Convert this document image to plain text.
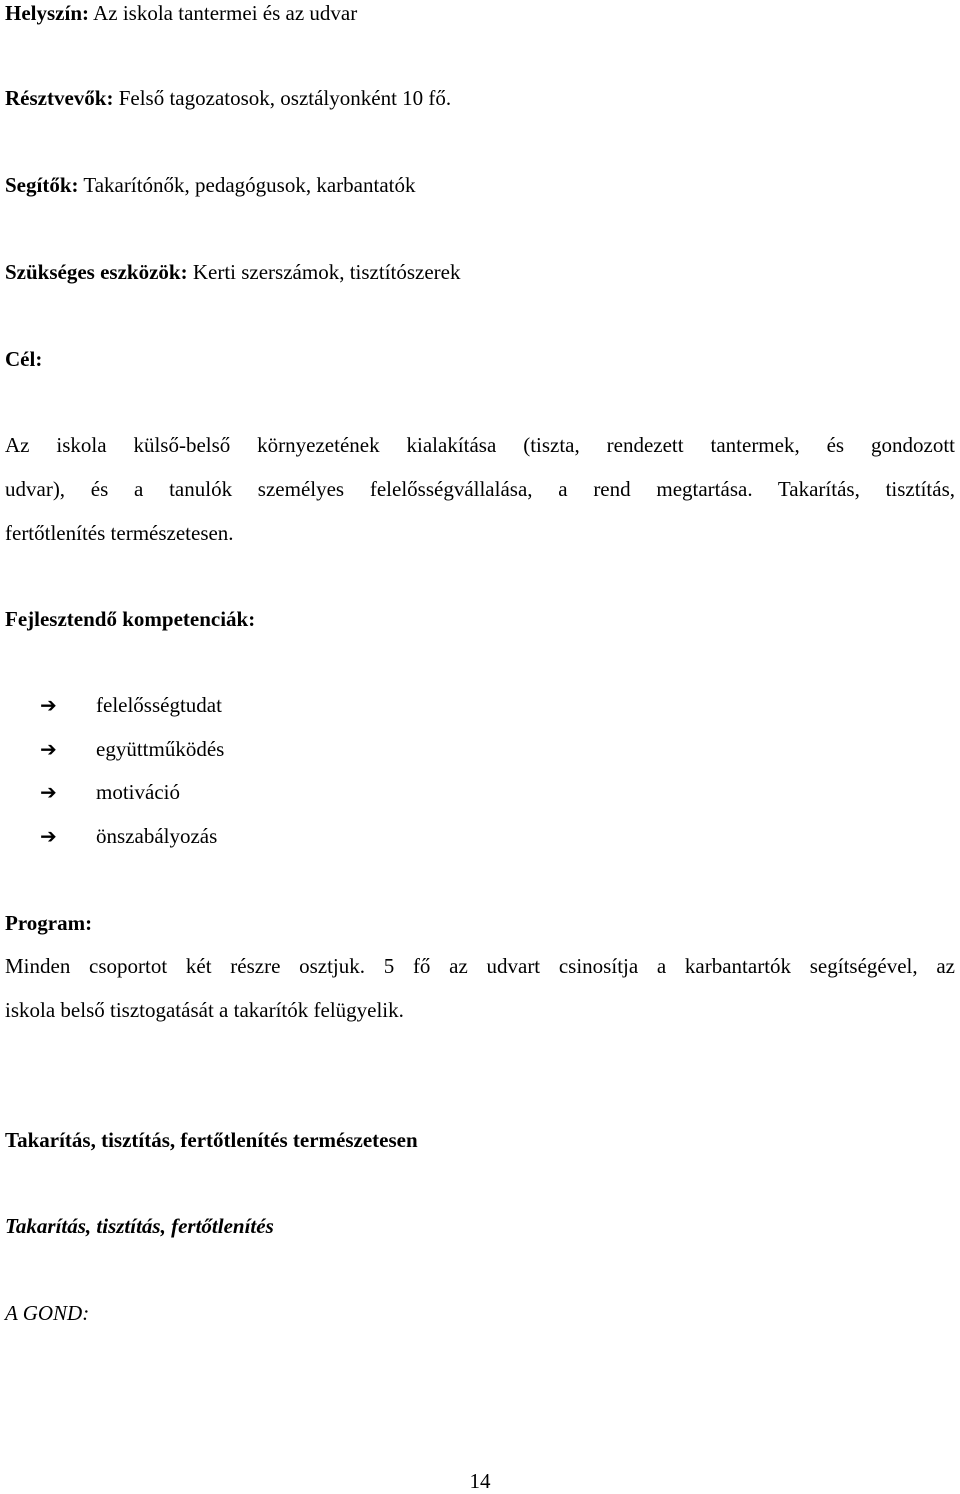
Helyszín: Az iskola tantermei és az udvar
Résztvevők: Felső tagozatosok, osztályonként 10 fő.
Segítők: Takarítónők, pedagógusok, karbantatók
Szükséges eszközök: Kerti szerszámok, tisztítószerek
Cél:
Az iskola külső-belső környezetének kialakítása (tiszta, rendezett tantermek, és gondozott
udvar), és a tanulók személyes felelősségvállalása, a rend megtartása. Takarítás, tisztítás,
fertőtlenítés természetesen.
Fejlesztendő kompetenciák:
➔ felelősségtudat
➔ együttműködés
➔ motiváció
➔ önszabályozás
Program:
Minden csoportot két részre osztjuk. 5 fő az udvart csinosítja a karbantartók segítségével, az
iskola belső tisztogatását a takarítók felügyelik.
Takarítás, tisztítás, fertőtlenítés természetesen
Takarítás, tisztítás, fertőtlenítés
A GOND:
14
